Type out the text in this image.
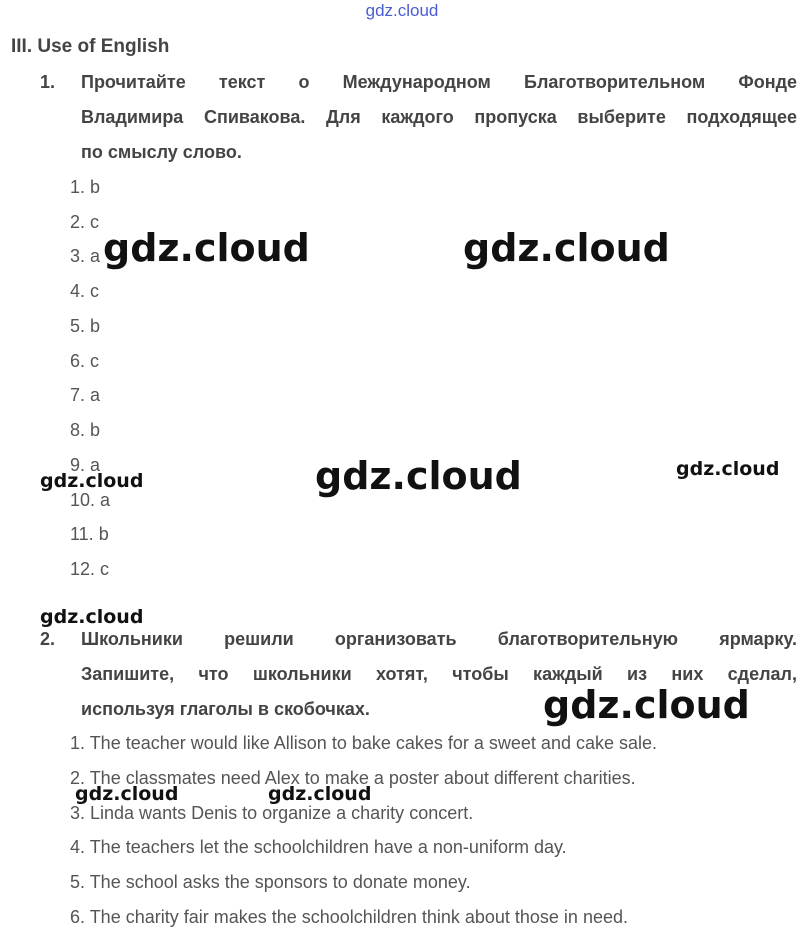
gdz.cloud
III. Use of English
1. Прочитайте текст о Международном Благотворительном Фонде
Владимира Спивакова. Для каждого пропуска выберите подходящее
по смыслу слово.
1. b
2. c
3. a
4. c
5. b
6. c
7. a
8. b
9. a
10. a
11. b
12. c
2. Школьники решили организовать благотворительную ярмарку.
Запишите, что школьники хотят, чтобы каждый из них сделал,
используя глаголы в скобочках.
1. The teacher would like Allison to bake cakes for a sweet and cake sale.
2. The classmates need Alex to make a poster about different charities.
3. Linda wants Denis to organize a charity concert.
4. The teachers let the schoolchildren have a non-uniform day.
5. The school asks the sponsors to donate money.
6. The charity fair makes the schoolchildren think about those in need.
gdz.cloud	gdz.cloud
gdz.cloud
gdz.cloud
gdz.cloud
gdz.cloud
gdz.cloud
gdz.cloud	gdz.cloud
